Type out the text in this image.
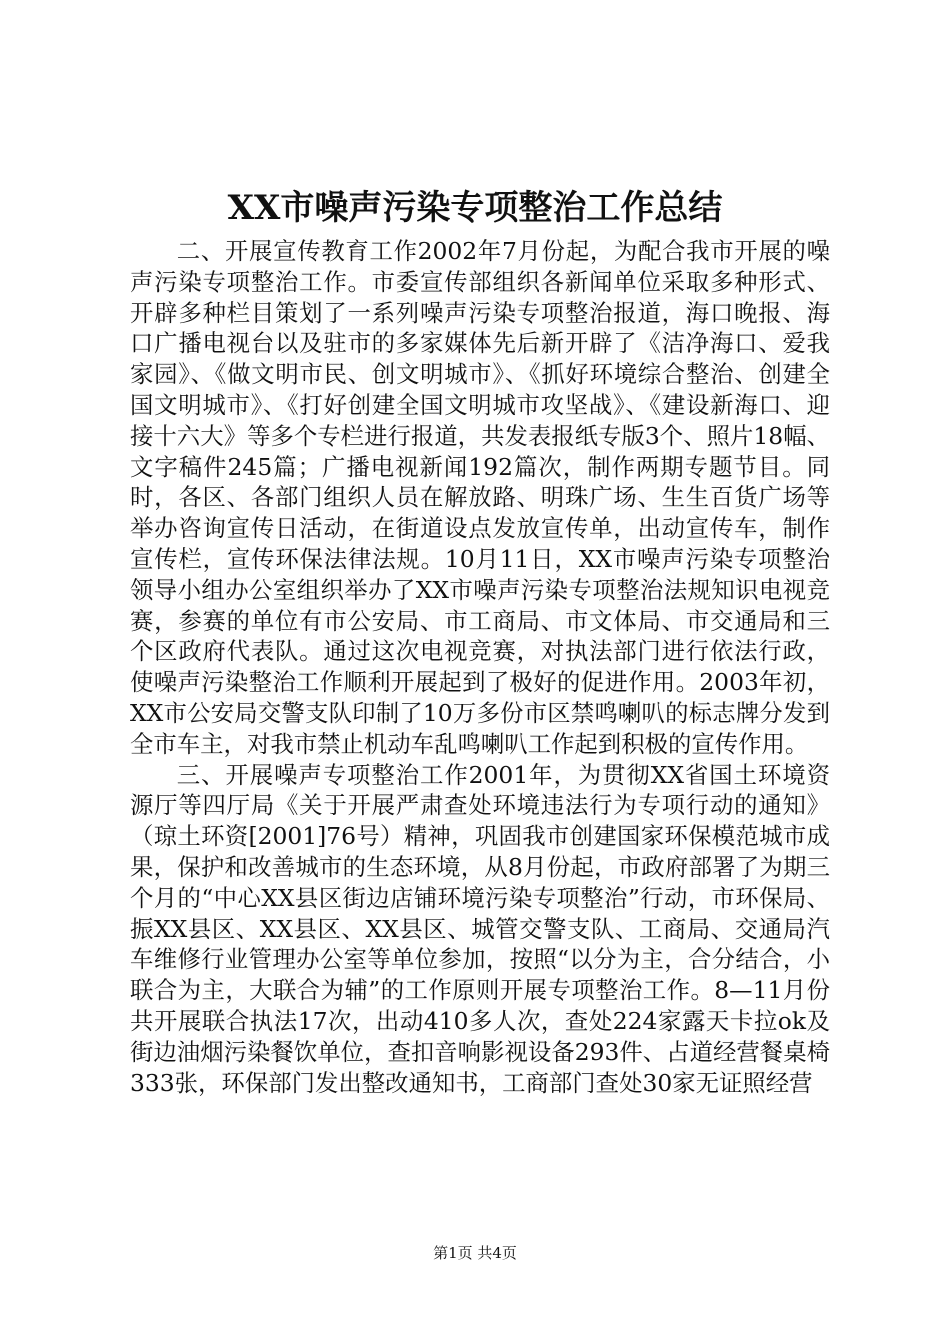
XX市噪声污染专项整治工作总结

二、开展宣传教育工作2002年7月份起，为配合我市开展的噪声污染专项整治工作。市委宣传部组织各新闻单位采取多种形式、开辟多种栏目策划了一系列噪声污染专项整治报道，海口晚报、海口广播电视台以及驻市的多家媒体先后新开辟了《洁净海口、爱我家园》、《做文明市民、创文明城市》、《抓好环境综合整治、创建全国文明城市》、《打好创建全国文明城市攻坚战》、《建设新海口、迎接十六大》等多个专栏进行报道，共发表报纸专版3个、照片18幅、文字稿件245篇；广播电视新闻192篇次，制作两期专题节目。同时，各区、各部门组织人员在解放路、明珠广场、生生百货广场等举办咨询宣传日活动，在街道设点发放宣传单，出动宣传车，制作宣传栏，宣传环保法律法规。10月11日，XX市噪声污染专项整治领导小组办公室组织举办了XX市噪声污染专项整治法规知识电视竞赛，参赛的单位有市公安局、市工商局、市文体局、市交通局和三个区政府代表队。通过这次电视竞赛，对执法部门进行依法行政，使噪声污染整治工作顺利开展起到了极好的促进作用。2003年初，XX市公安局交警支队印制了10万多份市区禁鸣喇叭的标志牌分发到全市车主，对我市禁止机动车乱鸣喇叭工作起到积极的宣传作用。

三、开展噪声专项整治工作2001年，为贯彻XX省国土环境资源厅等四厅局《关于开展严肃查处环境违法行为专项行动的通知》（琼土环资[2001]76号）精神，巩固我市创建国家环保模范城市成果，保护和改善城市的生态环境，从8月份起，市政府部署了为期三个月的“中心XX县区街边店铺环境污染专项整治”行动，市环保局、振XX县区、XX县区、XX县区、城管交警支队、工商局、交通局汽车维修行业管理办公室等单位参加，按照“以分为主，合分结合，小联合为主，大联合为辅”的工作原则开展专项整治工作。8—11月份共开展联合执法17次，出动410多人次，查处224家露天卡拉ok及街边油烟污染餐饮单位，查扣音响影视设备293件、占道经营餐桌椅333张，环保部门发出整改通知书，工商部门查处30家无证照经营

第1页 共4页
